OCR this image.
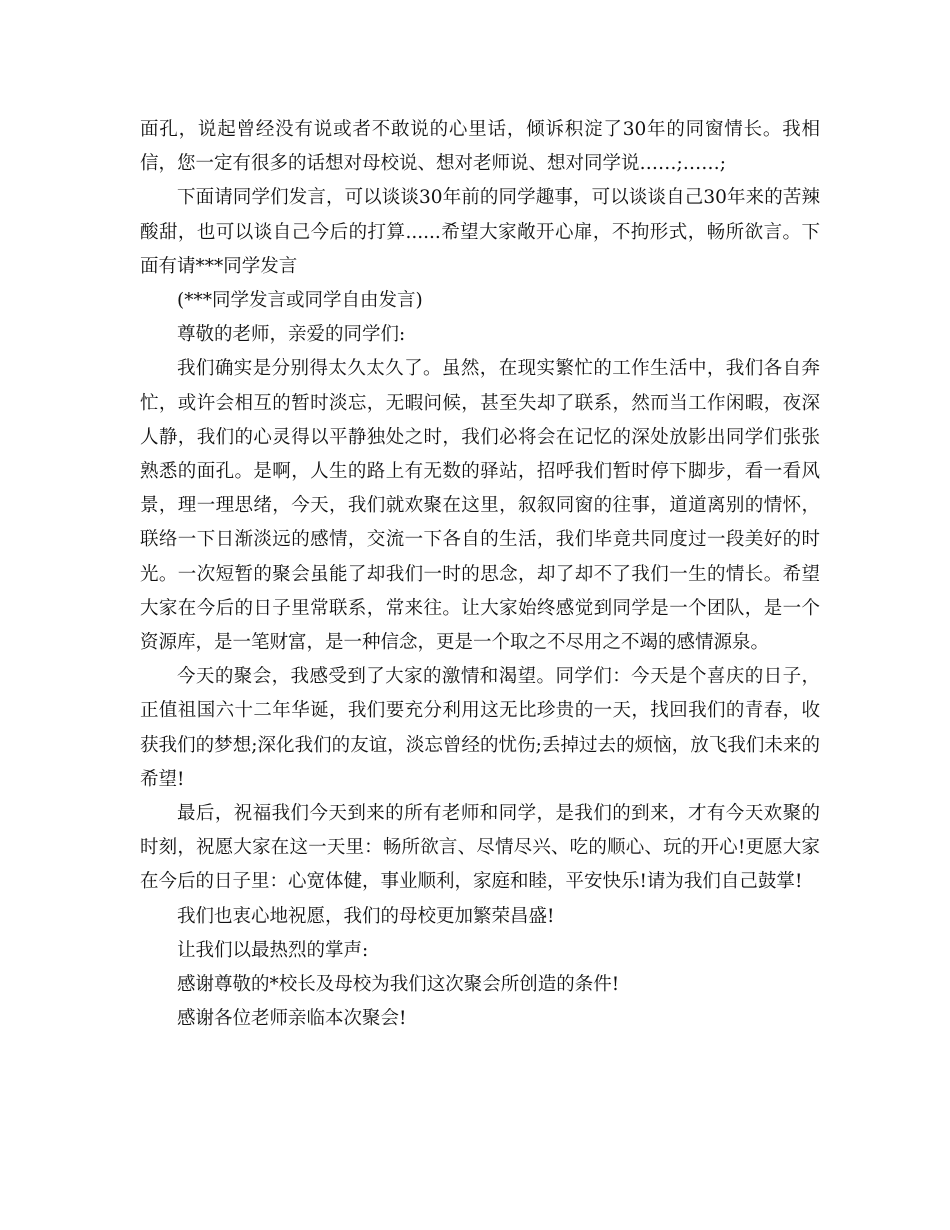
面孔，说起曾经没有说或者不敢说的心里话，倾诉积淀了30年的同窗情长。我相信，您一定有很多的话想对母校说、想对老师说、想对同学说……;……;

下面请同学们发言，可以谈谈30年前的同学趣事，可以谈谈自己30年来的苦辣酸甜，也可以谈自己今后的打算......希望大家敞开心扉，不拘形式，畅所欲言。下面有请***同学发言

(***同学发言或同学自由发言)

尊敬的老师，亲爱的同学们:

我们确实是分别得太久太久了。虽然，在现实繁忙的工作生活中，我们各自奔忙，或许会相互的暂时淡忘，无暇问候，甚至失却了联系，然而当工作闲暇，夜深人静，我们的心灵得以平静独处之时，我们必将会在记忆的深处放影出同学们张张熟悉的面孔。是啊，人生的路上有无数的驿站，招呼我们暂时停下脚步，看一看风景，理一理思绪，今天，我们就欢聚在这里，叙叙同窗的往事，道道离别的情怀，联络一下日渐淡远的感情，交流一下各自的生活，我们毕竟共同度过一段美好的时光。一次短暂的聚会虽能了却我们一时的思念，却了却不了我们一生的情长。希望大家在今后的日子里常联系，常来往。让大家始终感觉到同学是一个团队，是一个资源库，是一笔财富，是一种信念，更是一个取之不尽用之不竭的感情源泉。

今天的聚会，我感受到了大家的激情和渴望。同学们：今天是个喜庆的日子，正值祖国六十二年华诞，我们要充分利用这无比珍贵的一天，找回我们的青春，收获我们的梦想;深化我们的友谊，淡忘曾经的忧伤;丢掉过去的烦恼，放飞我们未来的希望!

最后，祝福我们今天到来的所有老师和同学，是我们的到来，才有今天欢聚的时刻，祝愿大家在这一天里：畅所欲言、尽情尽兴、吃的顺心、玩的开心!更愿大家在今后的日子里：心宽体健，事业顺利，家庭和睦，平安快乐!请为我们自己鼓掌!

我们也衷心地祝愿，我们的母校更加繁荣昌盛!

让我们以最热烈的掌声:

感谢尊敬的*校长及母校为我们这次聚会所创造的条件!

感谢各位老师亲临本次聚会!
